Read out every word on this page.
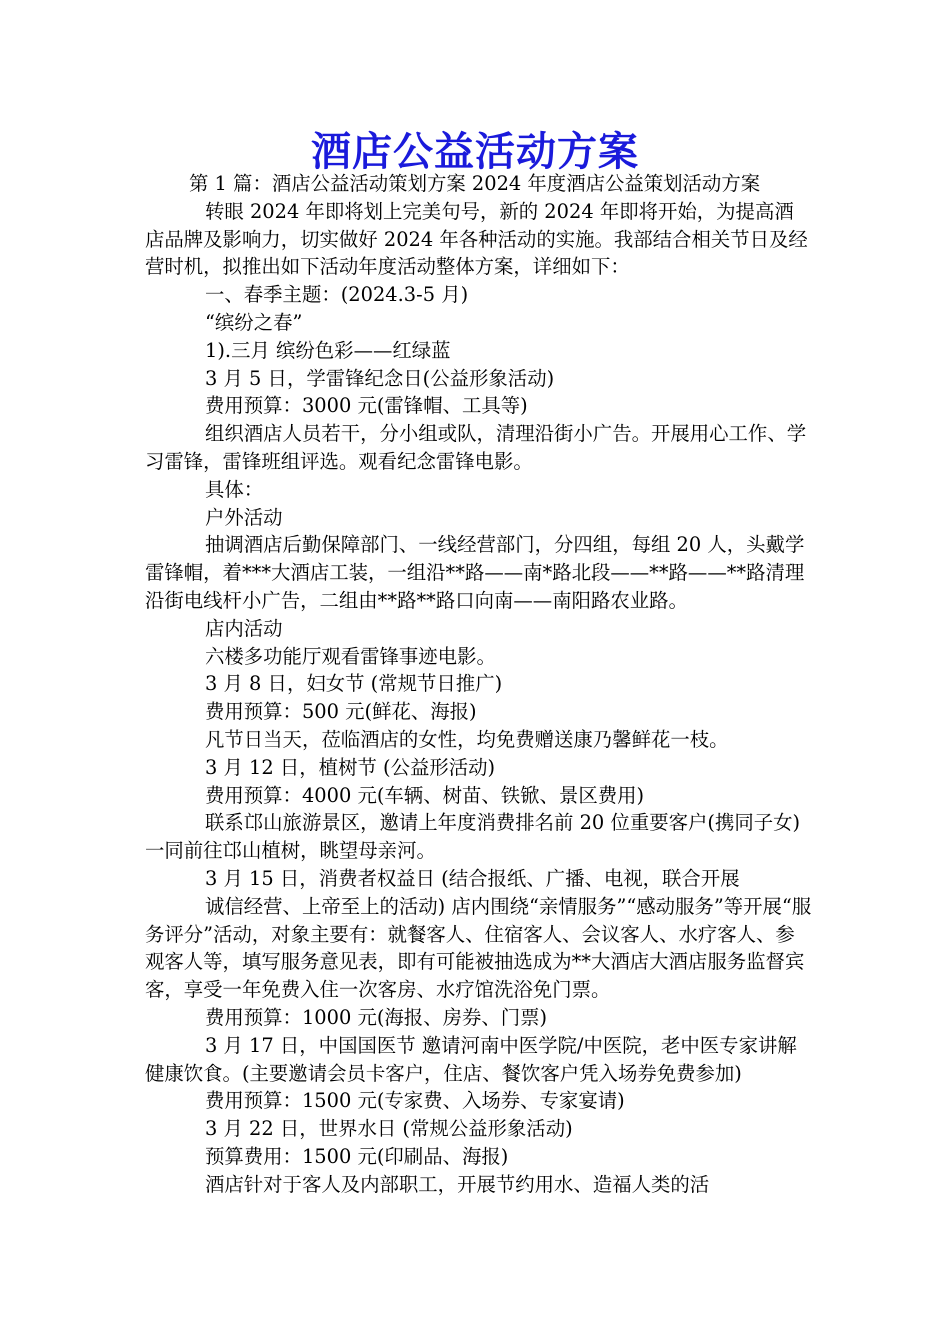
酒店公益活动方案

第 1 篇：酒店公益活动策划方案 2024 年度酒店公益策划活动方案

转眼 2024 年即将划上完美句号，新的 2024 年即将开始，为提高酒店品牌及影响力，切实做好 2024 年各种活动的实施。我部结合相关节日及经营时机，拟推出如下活动年度活动整体方案，详细如下：

一、春季主题：(2024.3-5 月)

“缤纷之春”

1).三月 缤纷色彩——红绿蓝

3 月 5 日，学雷锋纪念日(公益形象活动)

费用预算：3000 元(雷锋帽、工具等)

组织酒店人员若干，分小组或队，清理沿街小广告。开展用心工作、学习雷锋，雷锋班组评选。观看纪念雷锋电影。

具体：

户外活动

抽调酒店后勤保障部门、一线经营部门，分四组，每组 20 人，头戴学雷锋帽，着***大酒店工装，一组沿**路——南*路北段——**路——**路清理沿街电线杆小广告，二组由**路**路口向南——南阳路农业路。

店内活动

六楼多功能厅观看雷锋事迹电影。

3 月 8 日，妇女节 (常规节日推广)

费用预算：500 元(鲜花、海报)

凡节日当天，莅临酒店的女性，均免费赠送康乃馨鲜花一枝。

3 月 12 日，植树节 (公益形活动)

费用预算：4000 元(车辆、树苗、铁锨、景区费用)

联系邙山旅游景区，邀请上年度消费排名前 20 位重要客户(携同子女)一同前往邙山植树，眺望母亲河。

3 月 15 日，消费者权益日 (结合报纸、广播、电视，联合开展

诚信经营、上帝至上的活动) 店内围绕“亲情服务”“感动服务”等开展“服务评分”活动，对象主要有：就餐客人、住宿客人、会议客人、水疗客人、参观客人等，填写服务意见表，即有可能被抽选成为**大酒店大酒店服务监督宾客，享受一年免费入住一次客房、水疗馆洗浴免门票。

费用预算：1000 元(海报、房券、门票)

3 月 17 日，中国国医节 邀请河南中医学院/中医院，老中医专家讲解健康饮食。(主要邀请会员卡客户，住店、餐饮客户凭入场券免费参加)

费用预算：1500 元(专家费、入场券、专家宴请)

3 月 22 日，世界水日 (常规公益形象活动)

预算费用：1500 元(印刷品、海报)

酒店针对于客人及内部职工，开展节约用水、造福人类的活
